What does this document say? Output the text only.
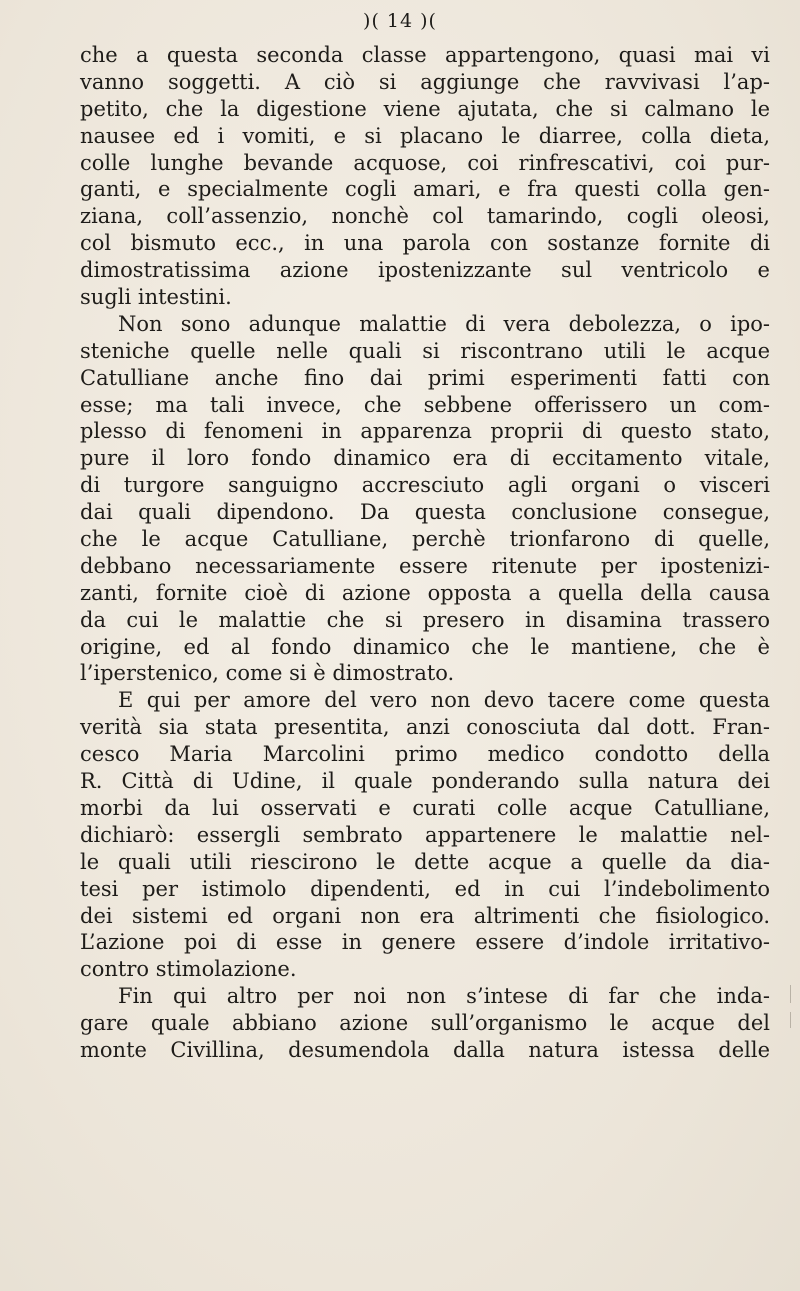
)( 14 )(
che a questa seconda classe appartengono, quasi mai vi
vanno soggetti. A ciò si aggiunge che ravvivasi l’ap-
petito, che la digestione viene ajutata, che si calmano le
nausee ed i vomiti, e si placano le diarree, colla dieta,
colle lunghe bevande acquose, coi rinfrescativi, coi pur-
ganti, e specialmente cogli amari, e fra questi colla gen-
ziana, coll’assenzio, nonchè col tamarindo, cogli oleosi,
col bismuto ecc., in una parola con sostanze fornite di
dimostratissima azione ipostenizzante sul ventricolo e
sugli intestini.
Non sono adunque malattie di vera debolezza, o ipo-
steniche quelle nelle quali si riscontrano utili le acque
Catulliane anche fino dai primi esperimenti fatti con
esse; ma tali invece, che sebbene offerissero un com-
plesso di fenomeni in apparenza proprii di questo stato,
pure il loro fondo dinamico era di eccitamento vitale,
di turgore sanguigno accresciuto agli organi o visceri
dai quali dipendono. Da questa conclusione consegue,
che le acque Catulliane, perchè trionfarono di quelle,
debbano necessariamente essere ritenute per ipostenizi-
zanti, fornite cioè di azione opposta a quella della causa
da cui le malattie che si presero in disamina trassero
origine, ed al fondo dinamico che le mantiene, che è
l’iperstenico, come si è dimostrato.
E qui per amore del vero non devo tacere come questa
verità sia stata presentita, anzi conosciuta dal dott. Fran-
cesco Maria Marcolini primo medico condotto della
R. Città di Udine, il quale ponderando sulla natura dei
morbi da lui osservati e curati colle acque Catulliane,
dichiarò: essergli sembrato appartenere le malattie nel-
le quali utili riescirono le dette acque a quelle da dia-
tesi per istimolo dipendenti, ed in cui l’indebolimento
dei sistemi ed organi non era altrimenti che fisiologico.
L’azione poi di esse in genere essere d’indole irritativo-
contro stimolazione.
Fin qui altro per noi non s’intese di far che inda-
gare quale abbiano azione sull’organismo le acque del
monte Civillina, desumendola dalla natura istessa delle
